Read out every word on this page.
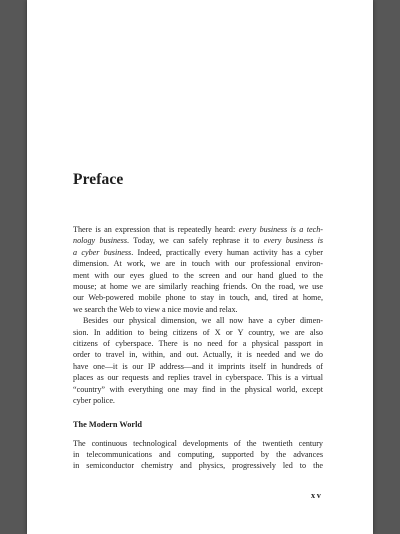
Preface
There is an expression that is repeatedly heard: every business is a tech-
nology business. Today, we can safely rephrase it to every business is
a cyber business. Indeed, practically every human activity has a cyber
dimension. At work, we are in touch with our professional environ-
ment with our eyes glued to the screen and our hand glued to the
mouse; at home we are similarly reaching friends. On the road, we use
our Web-powered mobile phone to stay in touch, and, tired at home,
we search the Web to view a nice movie and relax.
Besides our physical dimension, we all now have a cyber dimen-
sion. In addition to being citizens of X or Y country, we are also
citizens of cyberspace. There is no need for a physical passport in
order to travel in, within, and out. Actually, it is needed and we do
have one—it is our IP address—and it imprints itself in hundreds of
places as our requests and replies travel in cyberspace. This is a virtual
“country” with everything one may find in the physical world, except
cyber police.
The Modern World
The continuous technological developments of the twentieth century
in telecommunications and computing, supported by the advances
in semiconductor chemistry and physics, progressively led to the
xv
